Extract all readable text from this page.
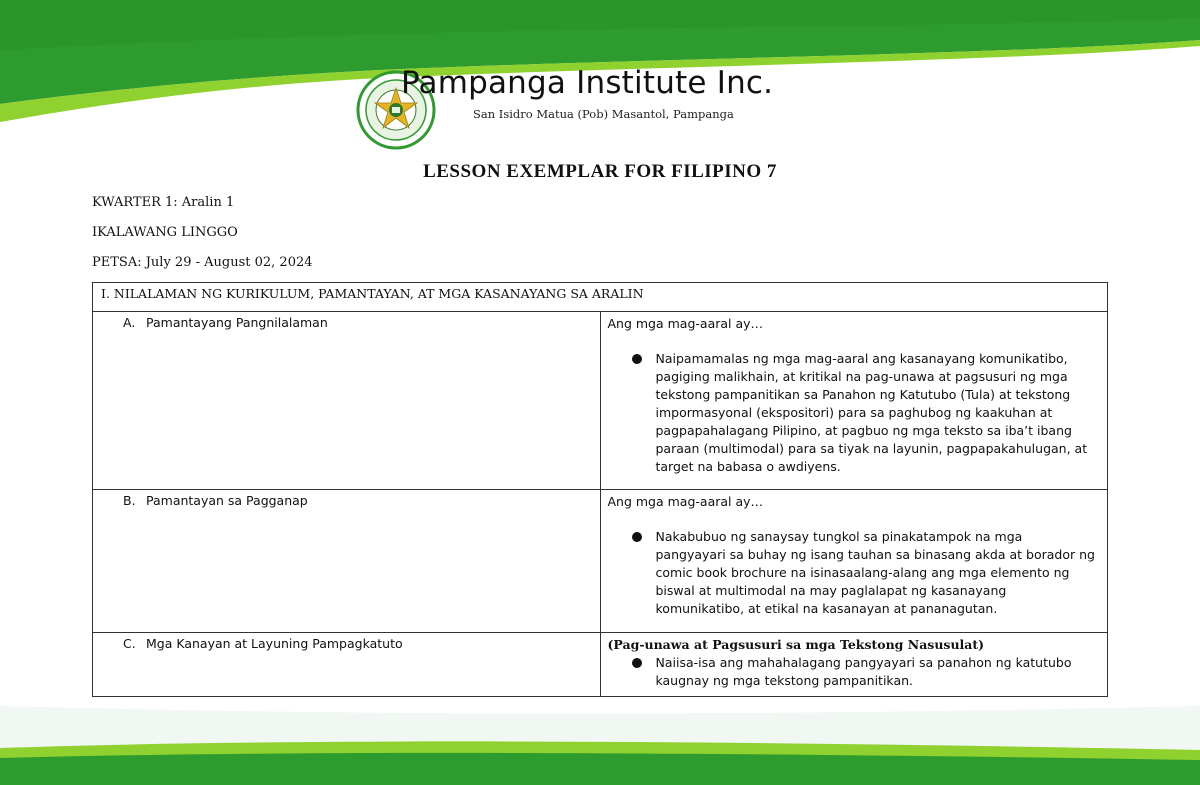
Pampanga Institute Inc.
San Isidro Matua (Pob) Masantol, Pampanga
LESSON EXEMPLAR FOR FILIPINO 7
KWARTER 1: Aralin 1
IKALAWANG LINGGO
PETSA: July 29 - August 02, 2024
I. NILALAMAN NG KURIKULUM, PAMANTAYAN, AT MGA KASANAYANG SA ARALIN	
A. Pamantayang Pangnilalaman	Ang mga mag-aaral ay…
Naipamamalas ng mga mag-aaral ang kasanayang komunikatibo, pagiging malikhain, at kritikal na pag-unawa at pagsusuri ng mga tekstong pampanitikan sa Panahon ng Katutubo (Tula) at tekstong impormasyonal (ekspositori) para sa paghubog ng kaakuhan at pagpapahalagang Pilipino, at pagbuo ng mga teksto sa iba’t ibang paraan (multimodal) para sa tiyak na layunin, pagpapakahulugan, at target na babasa o awdiyens.

B. Pamantayan sa Pagganap	Ang mga mag-aaral ay…
Nakabubuo ng sanaysay tungkol sa pinakatampok na mga pangyayari sa buhay ng isang tauhan sa binasang akda at borador ng comic book brochure na isinasaalang-alang ang mga elemento ng biswal at multimodal na may paglalapat ng kasanayang komunikatibo, at etikal na kasanayan at pananagutan.

C. Mga Kanayan at Layuning Pampagkatuto	(Pag-unawa at Pagsusuri sa mga Tekstong Nasusulat)
Naiisa-isa ang mahahalagang pangyayari sa panahon ng katutubo kaugnay ng mga tekstong pampanitikan.
